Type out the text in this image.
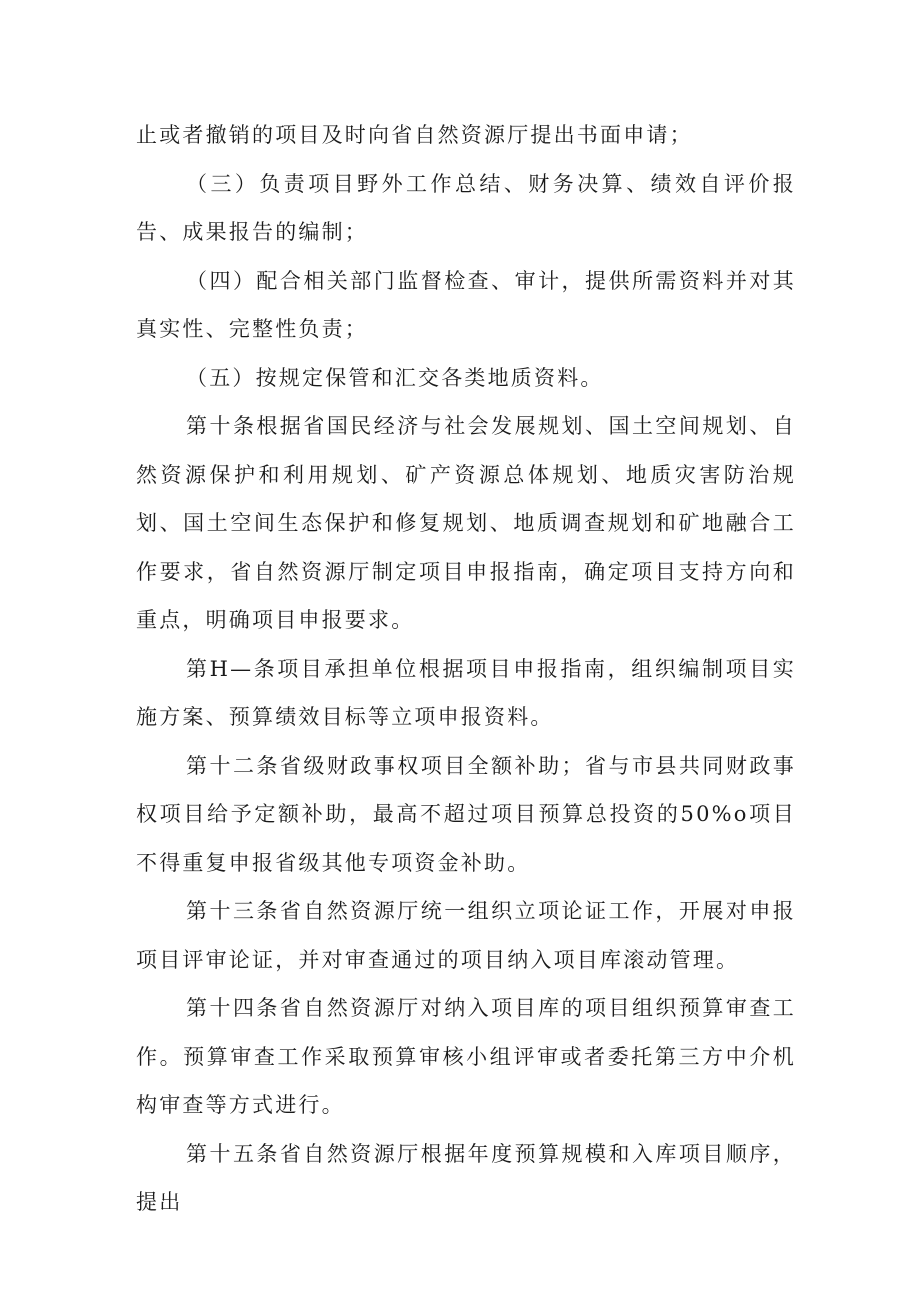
止或者撤销的项目及时向省自然资源厅提出书面申请；

（三）负责项目野外工作总结、财务决算、绩效自评价报告、成果报告的编制；

（四）配合相关部门监督检查、审计，提供所需资料并对其真实性、完整性负责；

（五）按规定保管和汇交各类地质资料。

第十条根据省国民经济与社会发展规划、国土空间规划、自然资源保护和利用规划、矿产资源总体规划、地质灾害防治规划、国土空间生态保护和修复规划、地质调查规划和矿地融合工作要求，省自然资源厅制定项目申报指南，确定项目支持方向和重点，明确项目申报要求。

第H—条项目承担单位根据项目申报指南，组织编制项目实施方案、预算绩效目标等立项申报资料。

第十二条省级财政事权项目全额补助；省与市县共同财政事权项目给予定额补助，最高不超过项目预算总投资的50%o项目不得重复申报省级其他专项资金补助。

第十三条省自然资源厅统一组织立项论证工作，开展对申报项目评审论证，并对审查通过的项目纳入项目库滚动管理。

第十四条省自然资源厅对纳入项目库的项目组织预算审查工作。预算审查工作采取预算审核小组评审或者委托第三方中介机构审查等方式进行。

第十五条省自然资源厅根据年度预算规模和入库项目顺序，提出
